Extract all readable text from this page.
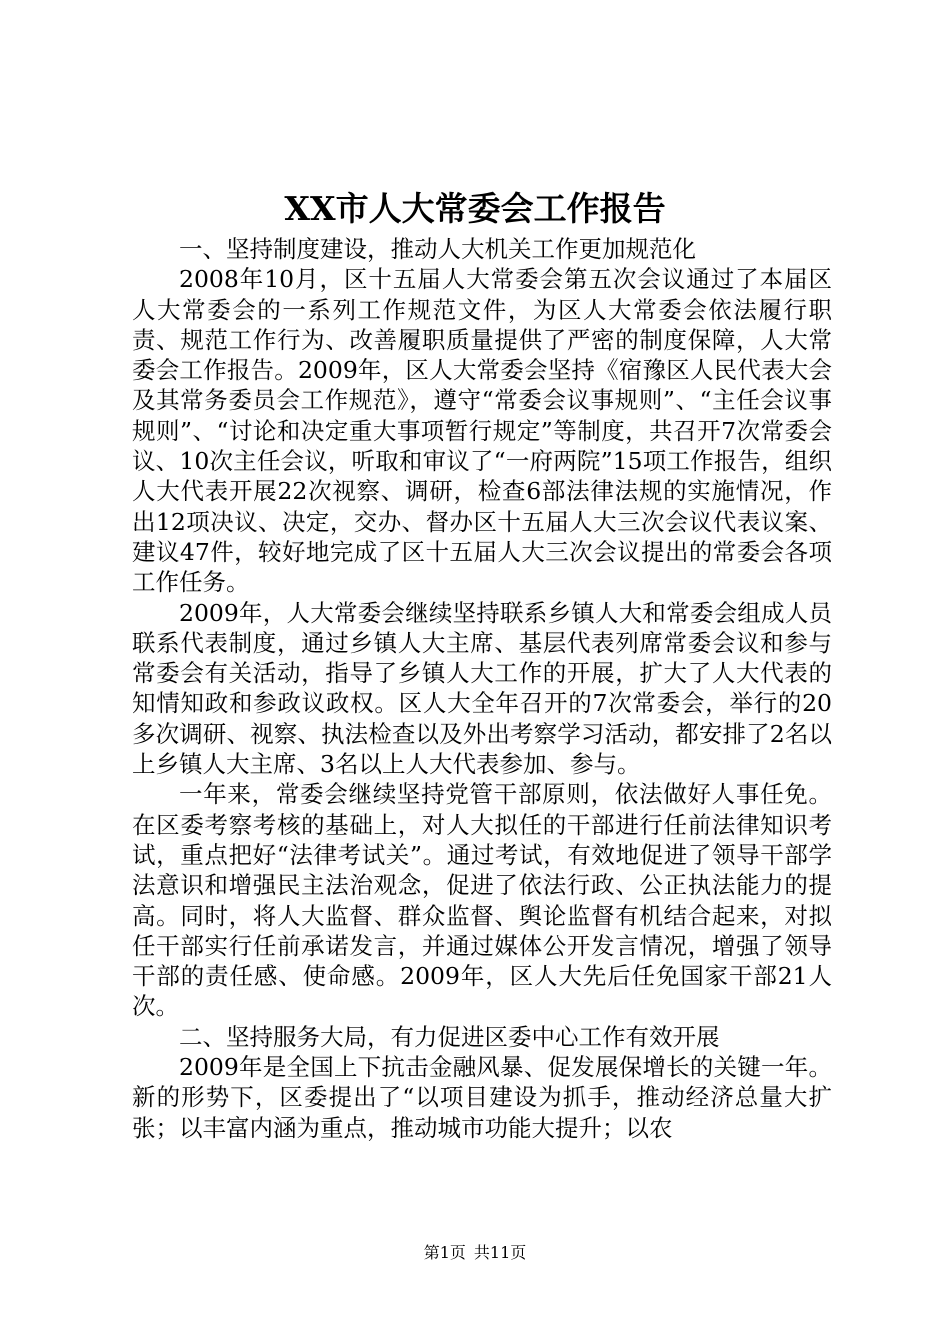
XX市人大常委会工作报告

一、坚持制度建设，推动人大机关工作更加规范化

2008年10月，区十五届人大常委会第五次会议通过了本届区人大常委会的一系列工作规范文件，为区人大常委会依法履行职责、规范工作行为、改善履职质量提供了严密的制度保障，人大常委会工作报告。2009年，区人大常委会坚持《宿豫区人民代表大会及其常务委员会工作规范》，遵守“常委会议事规则”、“主任会议事规则”、“讨论和决定重大事项暂行规定”等制度，共召开7次常委会议、10次主任会议，听取和审议了“一府两院”15项工作报告，组织人大代表开展22次视察、调研，检查6部法律法规的实施情况，作出12项决议、决定，交办、督办区十五届人大三次会议代表议案、建议47件，较好地完成了区十五届人大三次会议提出的常委会各项工作任务。

2009年，人大常委会继续坚持联系乡镇人大和常委会组成人员联系代表制度，通过乡镇人大主席、基层代表列席常委会议和参与常委会有关活动，指导了乡镇人大工作的开展，扩大了人大代表的知情知政和参政议政权。区人大全年召开的7次常委会，举行的20多次调研、视察、执法检查以及外出考察学习活动，都安排了2名以上乡镇人大主席、3名以上人大代表参加、参与。

一年来，常委会继续坚持党管干部原则，依法做好人事任免。在区委考察考核的基础上，对人大拟任的干部进行任前法律知识考试，重点把好“法律考试关”。通过考试，有效地促进了领导干部学法意识和增强民主法治观念，促进了依法行政、公正执法能力的提高。同时，将人大监督、群众监督、舆论监督有机结合起来，对拟任干部实行任前承诺发言，并通过媒体公开发言情况，增强了领导干部的责任感、使命感。2009年，区人大先后任免国家干部21人次。

二、坚持服务大局，有力促进区委中心工作有效开展

2009年是全国上下抗击金融风暴、促发展保增长的关键一年。新的形势下，区委提出了“以项目建设为抓手，推动经济总量大扩张；以丰富内涵为重点，推动城市功能大提升；以农

第1页 共11页
